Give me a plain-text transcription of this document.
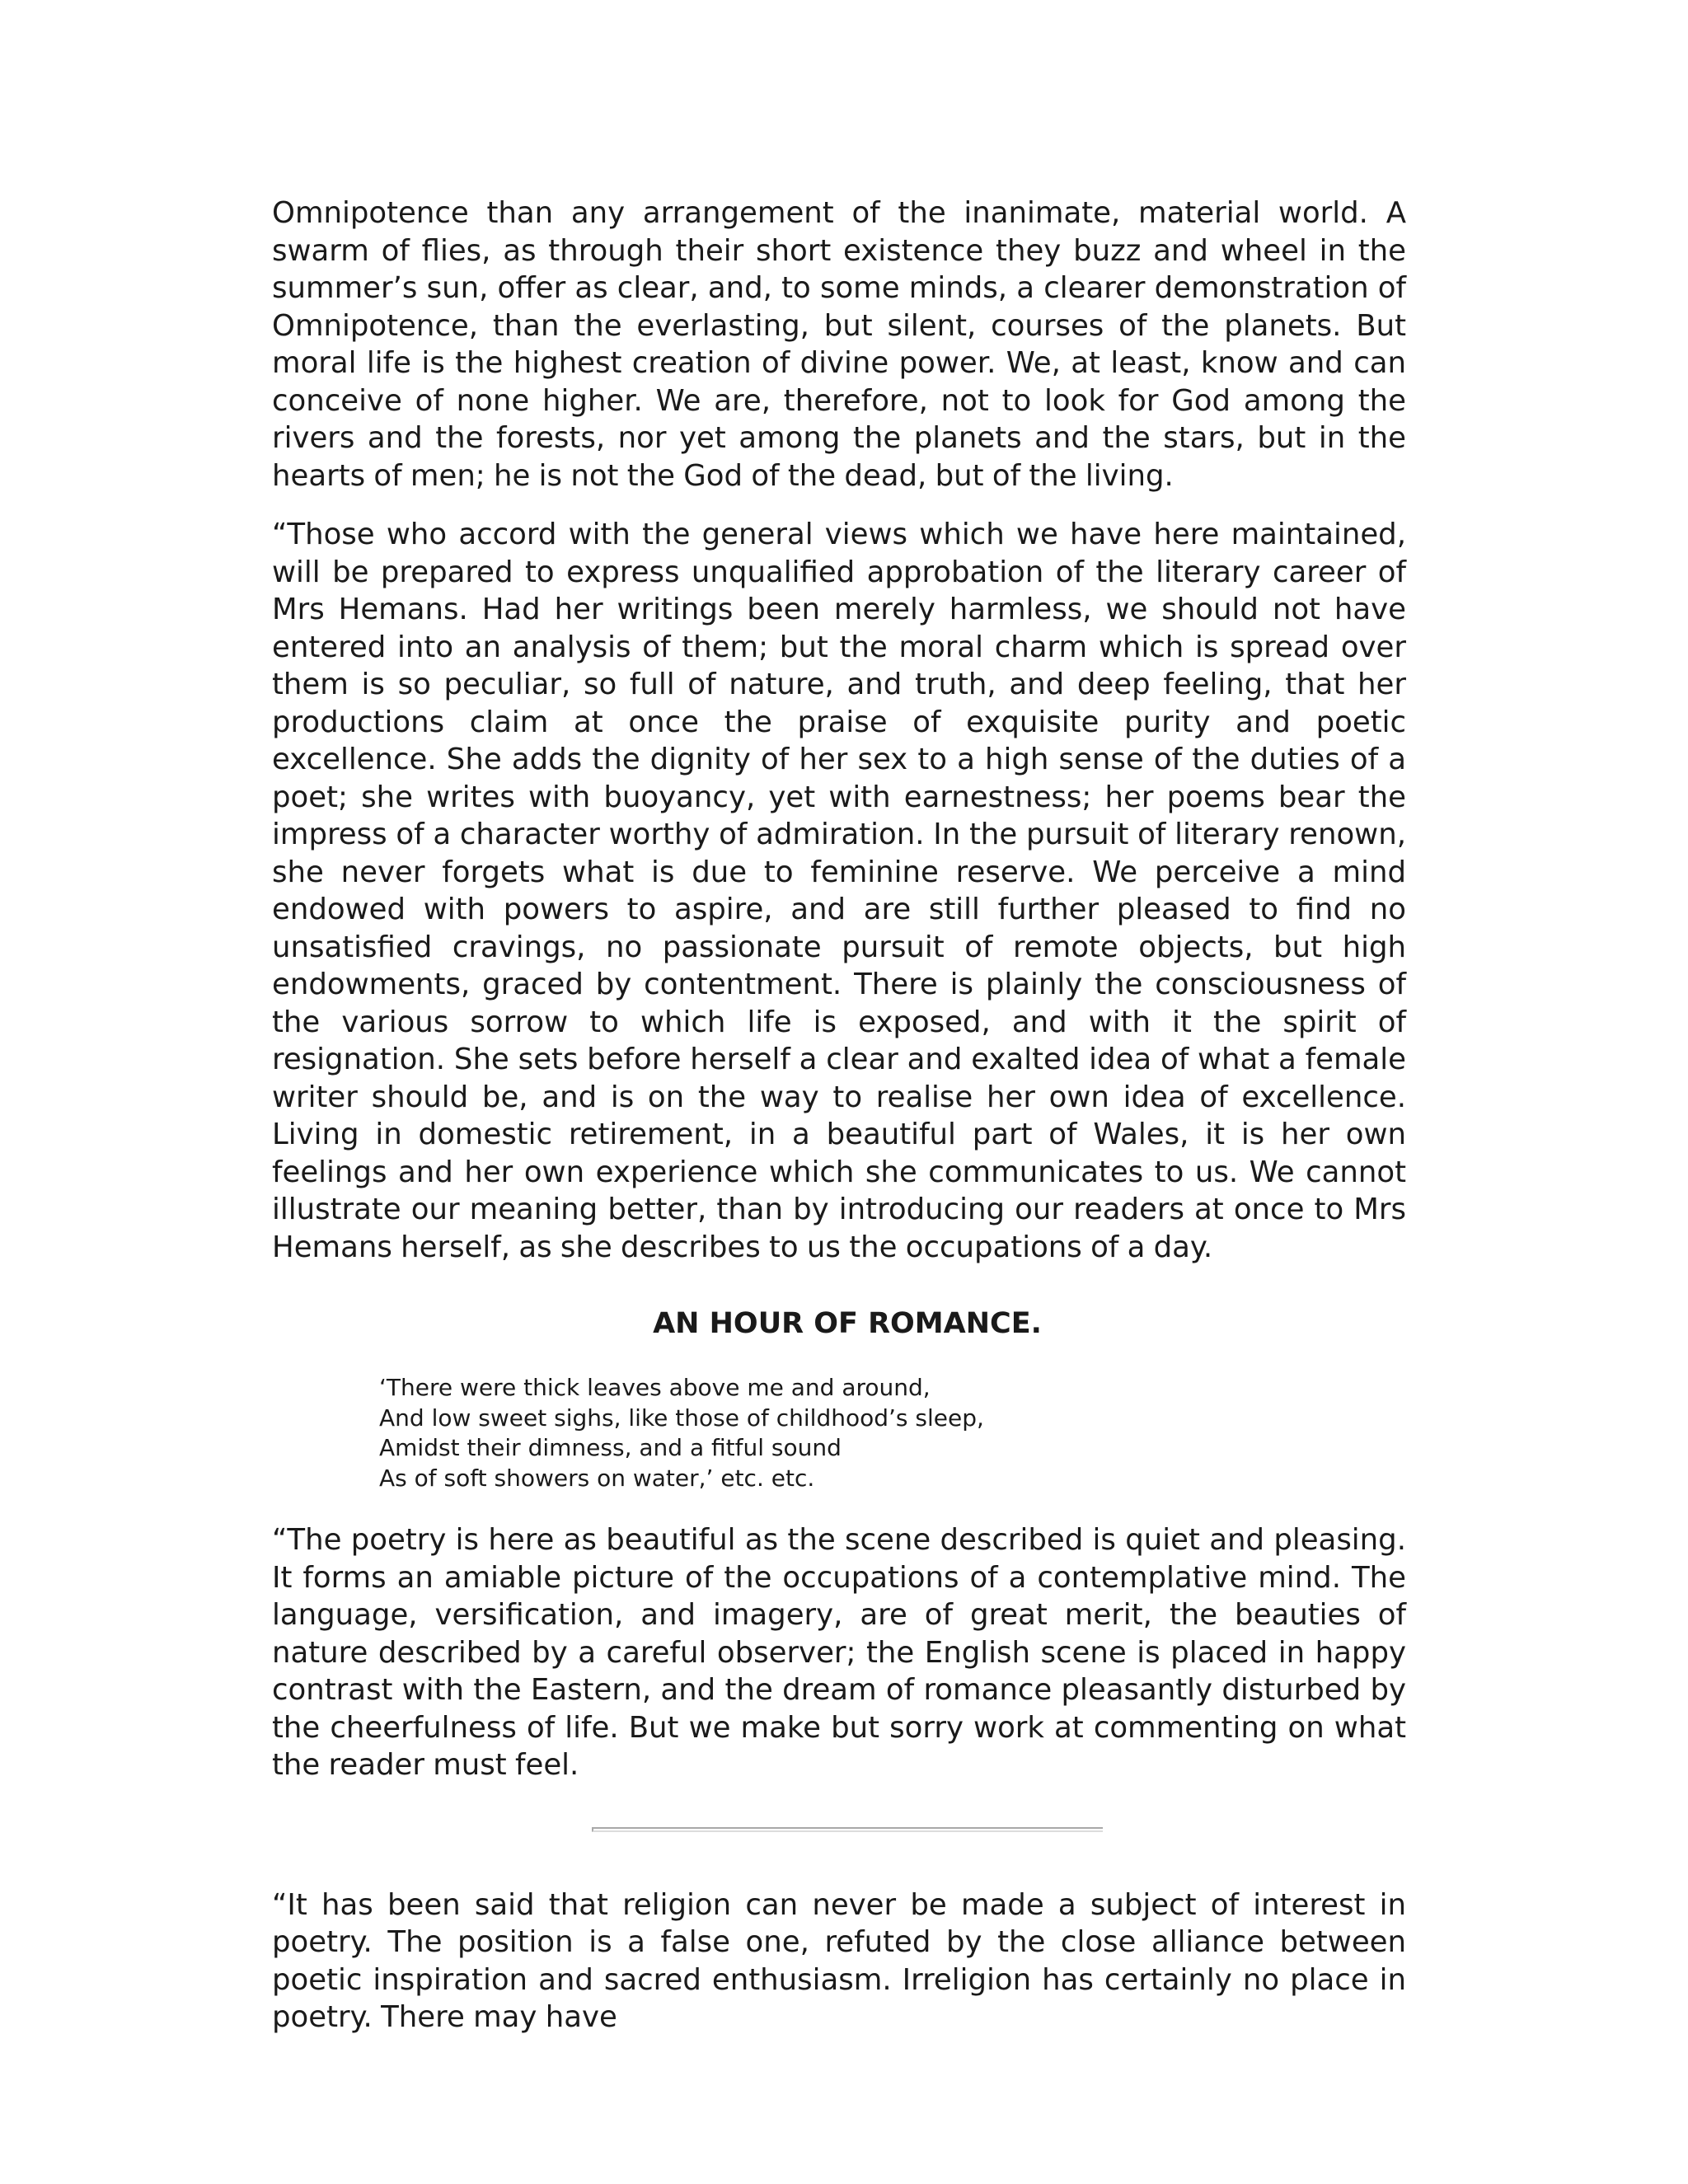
Omnipotence than any arrangement of the inanimate, material world. A swarm of flies, as through their short existence they buzz and wheel in the summer’s sun, offer as clear, and, to some minds, a clearer demonstration of Omnipotence, than the everlasting, but silent, courses of the planets. But moral life is the highest creation of divine power. We, at least, know and can conceive of none higher. We are, therefore, not to look for God among the rivers and the forests, nor yet among the planets and the stars, but in the hearts of men; he is not the God of the dead, but of the living.

“Those who accord with the general views which we have here maintained, will be prepared to express unqualified approbation of the literary career of Mrs Hemans. Had her writings been merely harmless, we should not have entered into an analysis of them; but the moral charm which is spread over them is so peculiar, so full of nature, and truth, and deep feeling, that her productions claim at once the praise of exquisite purity and poetic excellence. She adds the dignity of her sex to a high sense of the duties of a poet; she writes with buoyancy, yet with earnestness; her poems bear the impress of a character worthy of admiration. In the pursuit of literary renown, she never forgets what is due to feminine reserve. We perceive a mind endowed with powers to aspire, and are still further pleased to find no unsatisfied cravings, no passionate pursuit of remote objects, but high endowments, graced by contentment. There is plainly the consciousness of the various sorrow to which life is exposed, and with it the spirit of resignation. She sets before herself a clear and exalted idea of what a female writer should be, and is on the way to realise her own idea of excellence. Living in domestic retirement, in a beautiful part of Wales, it is her own feelings and her own experience which she communicates to us. We cannot illustrate our meaning better, than by introducing our readers at once to Mrs Hemans herself, as she describes to us the occupations of a day.

AN HOUR OF ROMANCE.
‘There were thick leaves above me and around,
And low sweet sighs, like those of childhood’s sleep,
Amidst their dimness, and a fitful sound
As of soft showers on water,’ etc. etc.

“The poetry is here as beautiful as the scene described is quiet and pleasing. It forms an amiable picture of the occupations of a contemplative mind. The language, versification, and imagery, are of great merit, the beauties of nature described by a careful observer; the English scene is placed in happy contrast with the Eastern, and the dream of romance pleasantly disturbed by the cheerfulness of life. But we make but sorry work at commenting on what the reader must feel.

“It has been said that religion can never be made a subject of interest in poetry. The position is a false one, refuted by the close alliance between poetic inspiration and sacred enthusiasm. Irreligion has certainly no place in poetry. There may have
